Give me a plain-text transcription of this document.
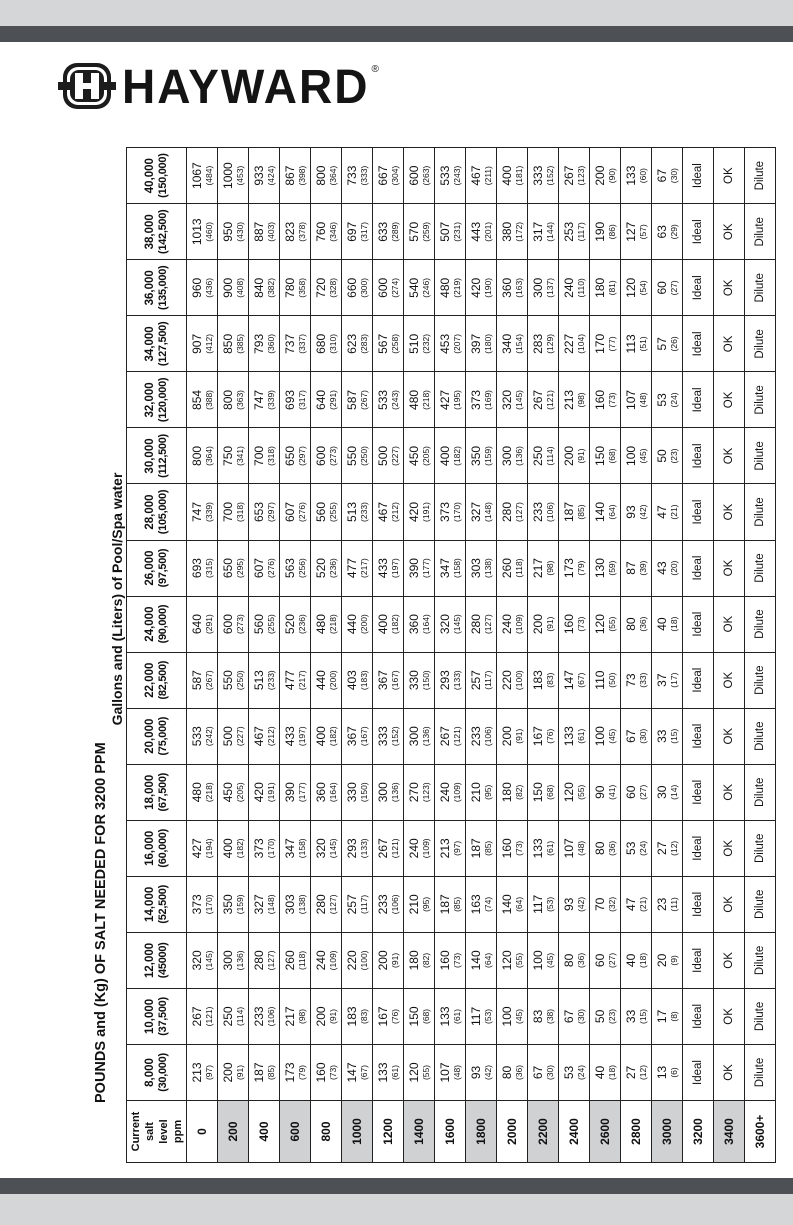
HAYWARD ®
POUNDS and (Kg) OF SALT NEEDED FOR 3200 PPM
Gallons and (Liters) of Pool/Spa water
Current salt level ppm	8,000 (30,000)	10,000 (37,500)	12,000 (45000)	14,000 (52,500)	16,000 (60,000)	18,000 (67,500)	20,000 (75,000)	22,000 (82,500)	24,000 (90,000)	26,000 (97,500)	28,000 (105,000)	30,000 (112,500)	32,000 (120,000)	34,000 (127,500)	36,000 (135,000)	38,000 (142,500)	40,000 (150,000)

0	213 (97)	267 (121)	320 (145)	373 (170)	427 (194)	480 (218)	533 (242)	587 (267)	640 (291)	693 (315)	747 (339)	800 (364)	854 (388)	907 (412)	960 (436)	1013 (460)	1067 (484)

200	200 (91)	250 (114)	300 (136)	350 (159)	400 (182)	450 (205)	500 (227)	550 (250)	600 (273)	650 (295)	700 (318)	750 (341)	800 (363)	850 (385)	900 (408)	950 (430)	1000 (453)

400	187 (85)	233 (106)	280 (127)	327 (148)	373 (170)	420 (191)	467 (212)	513 (233)	560 (255)	607 (276)	653 (297)	700 (318)	747 (339)	793 (360)	840 (382)	887 (403)	933 (424)

600	173 (79)	217 (98)	260 (118)	303 (138)	347 (158)	390 (177)	433 (197)	477 (217)	520 (236)	563 (256)	607 (276)	650 (297)	693 (317)	737 (337)	780 (358)	823 (378)	867 (398)

800	160 (73)	200 (91)	240 (109)	280 (127)	320 (145)	360 (164)	400 (182)	440 (200)	480 (218)	520 (236)	560 (255)	600 (273)	640 (291)	680 (310)	720 (328)	760 (346)	800 (364)

1000	147 (67)	183 (83)	220 (100)	257 (117)	293 (133)	330 (150)	367 (167)	403 (183)	440 (200)	477 (217)	513 (233)	550 (250)	587 (267)	623 (283)	660 (300)	697 (317)	733 (333)

1200	133 (61)	167 (76)	200 (91)	233 (106)	267 (121)	300 (136)	333 (152)	367 (167)	400 (182)	433 (197)	467 (212)	500 (227)	533 (243)	567 (258)	600 (274)	633 (289)	667 (304)

1400	120 (55)	150 (68)	180 (82)	210 (95)	240 (109)	270 (123)	300 (136)	330 (150)	360 (164)	390 (177)	420 (191)	450 (205)	480 (218)	510 (232)	540 (246)	570 (259)	600 (263)

1600	107 (48)	133 (61)	160 (73)	187 (85)	213 (97)	240 (109)	267 (121)	293 (133)	320 (145)	347 (158)	373 (170)	400 (182)	427 (195)	453 (207)	480 (219)	507 (231)	533 (243)

1800	93 (42)	117 (53)	140 (64)	163 (74)	187 (85)	210 (95)	233 (106)	257 (117)	280 (127)	303 (138)	327 (148)	350 (159)	373 (169)	397 (180)	420 (190)	443 (201)	467 (211)

2000	80 (36)	100 (45)	120 (55)	140 (64)	160 (73)	180 (82)	200 (91)	220 (100)	240 (109)	260 (118)	280 (127)	300 (136)	320 (145)	340 (154)	360 (163)	380 (172)	400 (181)

2200	67 (30)	83 (38)	100 (45)	117 (53)	133 (61)	150 (68)	167 (76)	183 (83)	200 (91)	217 (98)	233 (106)	250 (114)	267 (121)	283 (129)	300 (137)	317 (144)	333 (152)

2400	53 (24)	67 (30)	80 (36)	93 (42)	107 (48)	120 (55)	133 (61)	147 (67)	160 (73)	173 (79)	187 (85)	200 (91)	213 (98)	227 (104)	240 (110)	253 (117)	267 (123)

2600	40 (18)	50 (23)	60 (27)	70 (32)	80 (36)	90 (41)	100 (45)	110 (50)	120 (55)	130 (59)	140 (64)	150 (68)	160 (73)	170 (77)	180 (81)	190 (86)	200 (90)

2800	27 (12)	33 (15)	40 (18)	47 (21)	53 (24)	60 (27)	67 (30)	73 (33)	80 (36)	87 (39)	93 (42)	100 (45)	107 (48)	113 (51)	120 (54)	127 (57)	133 (60)

3000	13 (6)	17 (8)	20 (9)	23 (11)	27 (12)	30 (14)	33 (15)	37 (17)	40 (18)	43 (20)	47 (21)	50 (23)	53 (24)	57 (26)	60 (27)	63 (29)	67 (30)

3200	Ideal	Ideal	Ideal	Ideal	Ideal	Ideal	Ideal	Ideal	Ideal	Ideal	Ideal	Ideal	Ideal	Ideal	Ideal	Ideal	Ideal
3400	OK	OK	OK	OK	OK	OK	OK	OK	OK	OK	OK	OK	OK	OK	OK	OK	OK
3600+	Dilute	Dilute	Dilute	Dilute	Dilute	Dilute	Dilute	Dilute	Dilute	Dilute	Dilute	Dilute	Dilute	Dilute	Dilute	Dilute	Dilute
